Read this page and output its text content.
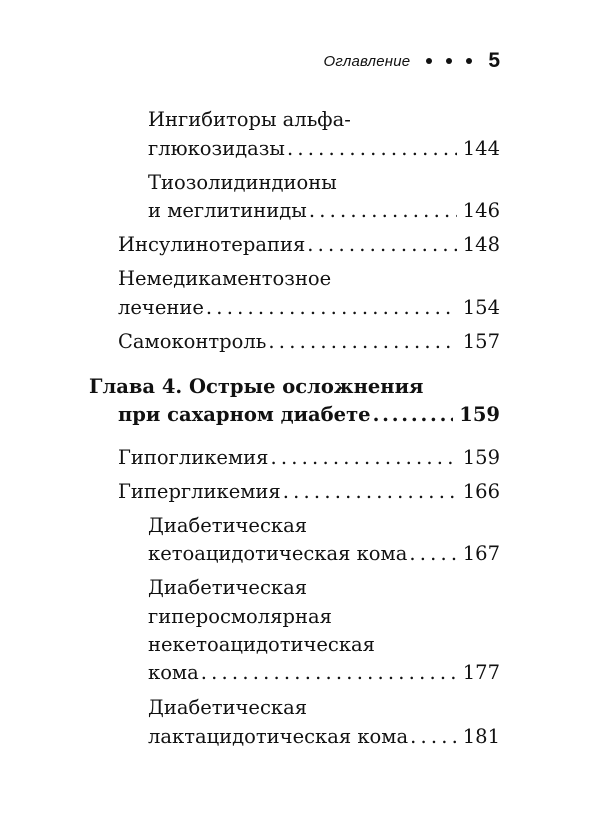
Оглавление	5
Ингибиторы альфа-
глюкозидазы . . .	144
Тиозолидиндионы
и меглитиниды . . .	146
Инсулинотерапия . . .	148
Немедикаментозное
лечение . . .	154
Самоконтроль . . .	157
Глава 4. Острые осложнения
при сахарном диабете . . .	159
Гипогликемия . . .	159
Гипергликемия . . .	166
Диабетическая
кетоацидотическая кома . . .	167
Диабетическая
гиперосмолярная
некетоацидотическая
кома . . .	177
Диабетическая
лактацидотическая кома . . .	181
